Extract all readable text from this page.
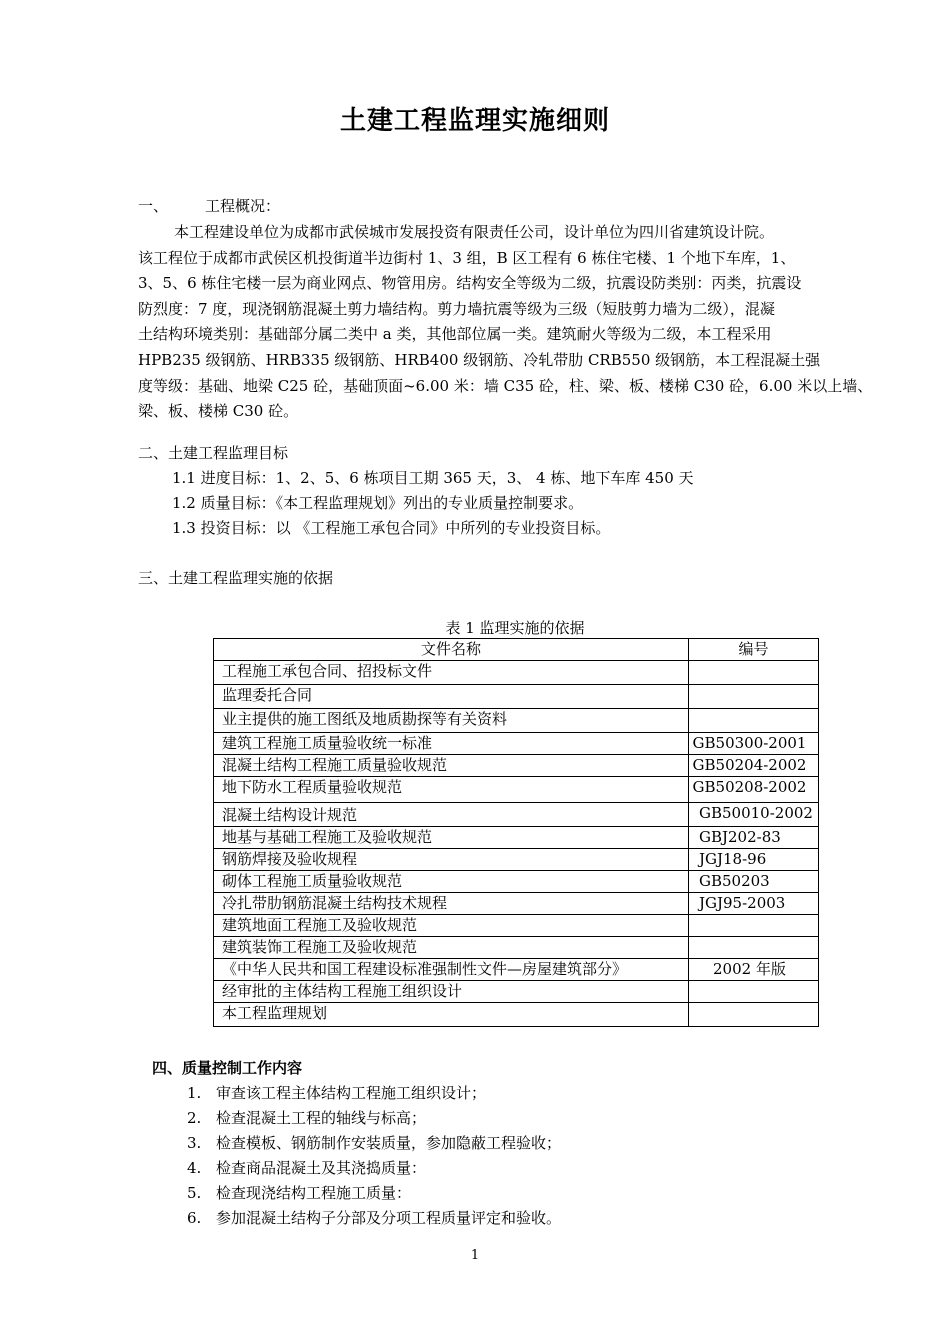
土建工程监理实施细则
一、 工程概况：
本工程建设单位为成都市武侯城市发展投资有限责任公司，设计单位为四川省建筑设计院。
该工程位于成都市武侯区机投街道半边街村 1、3 组，B 区工程有 6 栋住宅楼、1 个地下车库，1、
3、5、6 栋住宅楼一层为商业网点、物管用房。结构安全等级为二级，抗震设防类别：丙类，抗震设
防烈度：7 度，现浇钢筋混凝土剪力墙结构。剪力墙抗震等级为三级（短肢剪力墙为二级），混凝
土结构环境类别：基础部分属二类中 a 类，其他部位属一类。建筑耐火等级为二级，本工程采用
HPB235 级钢筋、HRB335 级钢筋、HRB400 级钢筋、冷轧带肋 CRB550 级钢筋，本工程混凝土强
度等级：基础、地梁 C25 砼，基础顶面~6.00 米：墙 C35 砼，柱、梁、板、楼梯 C30 砼，6.00 米以上墙、
梁、板、楼梯 C30 砼。
二、土建工程监理目标
1.1 进度目标：1、2、5、6 栋项目工期 365 天，3、 4 栋、地下车库 450 天
1.2 质量目标：《本工程监理规划》列出的专业质量控制要求。
1.3 投资目标：以 《工程施工承包合同》中所列的专业投资目标。
三、土建工程监理实施的依据
表 1 监理实施的依据
文件名称	编号
工程施工承包合同、招投标文件	
监理委托合同	
业主提供的施工图纸及地质勘探等有关资料	
建筑工程施工质量验收统一标准	GB50300-2001
混凝土结构工程施工质量验收规范	GB50204-2002
地下防水工程质量验收规范	GB50208-2002
混凝土结构设计规范	GB50010-2002
地基与基础工程施工及验收规范	GBJ202-83
钢筋焊接及验收规程	JGJ18-96
砌体工程施工质量验收规范	GB50203
冷扎带肋钢筋混凝土结构技术规程	JGJ95-2003
建筑地面工程施工及验收规范	
建筑装饰工程施工及验收规范	
《中华人民共和国工程建设标准强制性文件—房屋建筑部分》	2002 年版
经审批的主体结构工程施工组织设计	
本工程监理规划	
四、质量控制工作内容
1. 审查该工程主体结构工程施工组织设计；
2. 检查混凝土工程的轴线与标高；
3. 检查模板、钢筋制作安装质量，参加隐蔽工程验收；
4. 检查商品混凝土及其浇捣质量：
5. 检查现浇结构工程施工质量：
6. 参加混凝土结构子分部及分项工程质量评定和验收。
1
